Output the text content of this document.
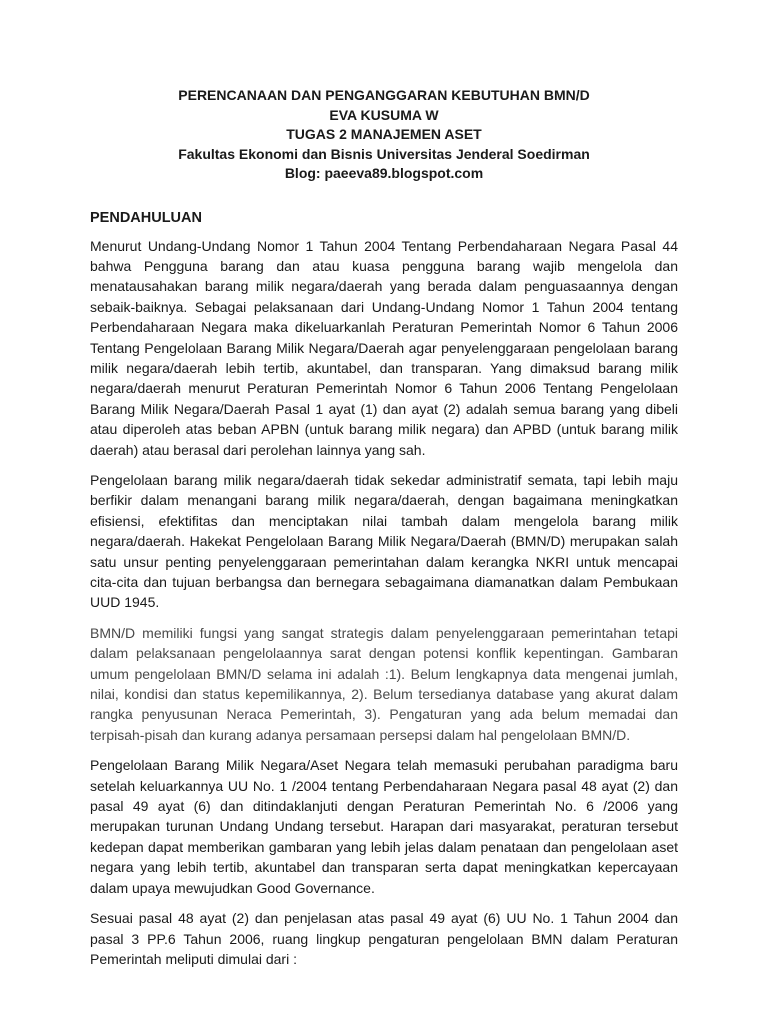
PERENCANAAN DAN PENGANGGARAN KEBUTUHAN BMN/D
EVA KUSUMA W
TUGAS 2 MANAJEMEN ASET
Fakultas Ekonomi dan Bisnis Universitas Jenderal Soedirman
Blog: paeeva89.blogspot.com
PENDAHULUAN

Menurut Undang-Undang Nomor 1 Tahun 2004 Tentang Perbendaharaan Negara Pasal 44 bahwa Pengguna barang dan atau kuasa pengguna barang wajib mengelola dan menatausahakan barang milik negara/daerah yang berada dalam penguasaannya dengan sebaik-baiknya. Sebagai pelaksanaan dari Undang-Undang Nomor 1 Tahun 2004 tentang Perbendaharaan Negara maka dikeluarkanlah Peraturan Pemerintah Nomor 6 Tahun 2006 Tentang Pengelolaan Barang Milik Negara/Daerah agar penyelenggaraan pengelolaan barang milik negara/daerah lebih tertib, akuntabel, dan transparan. Yang dimaksud barang milik negara/daerah menurut Peraturan Pemerintah Nomor 6 Tahun 2006 Tentang Pengelolaan Barang Milik Negara/Daerah Pasal 1 ayat (1) dan ayat (2) adalah semua barang yang dibeli atau diperoleh atas beban APBN (untuk barang milik negara) dan APBD (untuk barang milik daerah) atau berasal dari perolehan lainnya yang sah.

Pengelolaan barang milik negara/daerah tidak sekedar administratif semata, tapi lebih maju berfikir dalam menangani barang milik negara/daerah, dengan bagaimana meningkatkan efisiensi, efektifitas dan menciptakan nilai tambah dalam mengelola barang milik negara/daerah. Hakekat Pengelolaan Barang Milik Negara/Daerah (BMN/D) merupakan salah satu unsur penting penyelenggaraan pemerintahan dalam kerangka NKRI untuk mencapai cita-cita dan tujuan berbangsa dan bernegara sebagaimana diamanatkan dalam Pembukaan UUD 1945.

BMN/D memiliki fungsi yang sangat strategis dalam penyelenggaraan pemerintahan tetapi dalam pelaksanaan pengelolaannya sarat dengan potensi konflik kepentingan. Gambaran umum pengelolaan BMN/D selama ini adalah :1). Belum lengkapnya data mengenai jumlah, nilai, kondisi dan status kepemilikannya, 2). Belum tersedianya database yang akurat dalam rangka penyusunan Neraca Pemerintah, 3). Pengaturan yang ada belum memadai dan terpisah-pisah dan kurang adanya persamaan persepsi dalam hal pengelolaan BMN/D.

Pengelolaan Barang Milik Negara/Aset Negara telah memasuki perubahan paradigma baru setelah keluarkannya UU No. 1 /2004 tentang Perbendaharaan Negara pasal 48 ayat (2) dan pasal 49 ayat (6) dan ditindaklanjuti dengan Peraturan Pemerintah No. 6 /2006 yang merupakan turunan Undang Undang tersebut. Harapan dari masyarakat, peraturan tersebut kedepan dapat memberikan gambaran yang lebih jelas dalam penataan dan pengelolaan aset negara yang lebih tertib, akuntabel dan transparan serta dapat meningkatkan kepercayaan dalam upaya mewujudkan Good Governance.

Sesuai pasal 48 ayat (2) dan penjelasan atas pasal 49 ayat (6) UU No. 1 Tahun 2004 dan pasal 3 PP.6 Tahun 2006, ruang lingkup pengaturan pengelolaan BMN dalam Peraturan Pemerintah meliputi dimulai dari :
